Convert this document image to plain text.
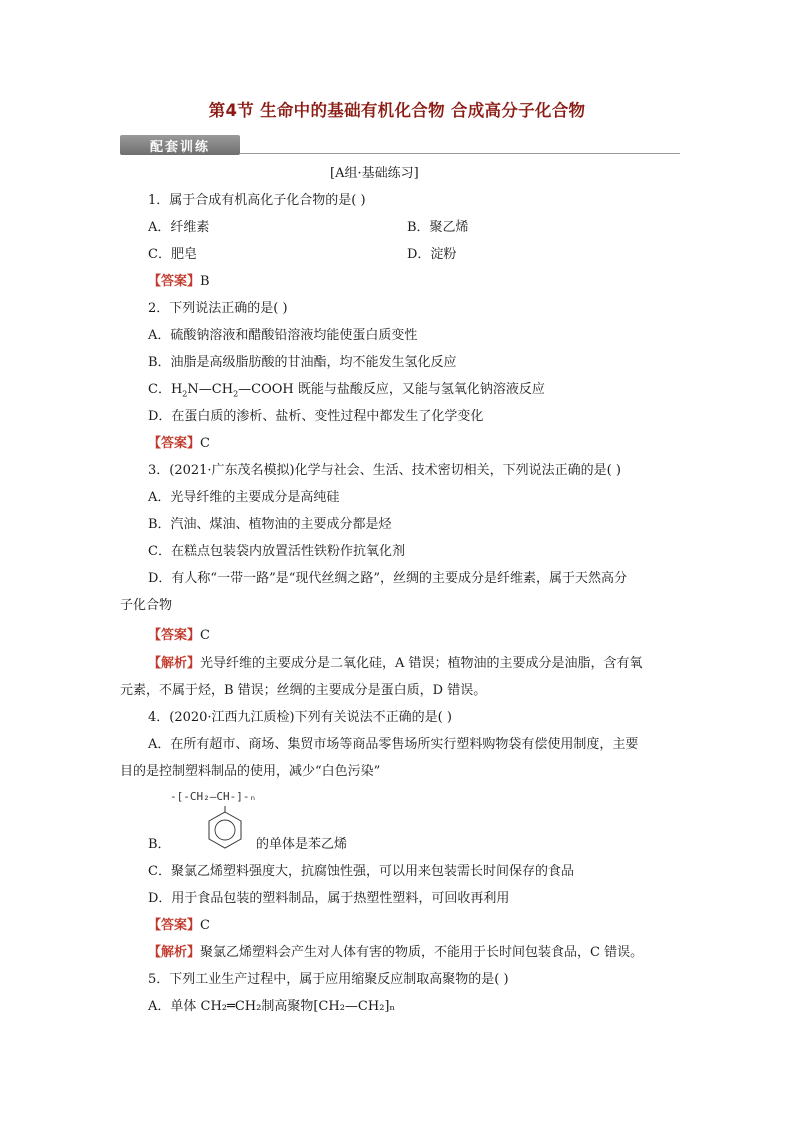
第4节 生命中的基础有机化合物 合成高分子化合物
配套训练
[A组·基础练习]
1．属于合成有机高化子化合物的是( )
A．纤维素	B．聚乙烯
C．肥皂	D．淀粉
【答案】B
2．下列说法正确的是( )
A．硫酸钠溶液和醋酸铅溶液均能使蛋白质变性
B．油脂是高级脂肪酸的甘油酯，均不能发生氢化反应
C．$H_2N—CH_2—COOH$ 既能与盐酸反应，又能与氢氧化钠溶液反应
D．在蛋白质的渗析、盐析、变性过程中都发生了化学变化
【答案】C
3．(2021·广东茂名模拟)化学与社会、生活、技术密切相关，下列说法正确的是( )
A．光导纤维的主要成分是高纯硅
B．汽油、煤油、植物油的主要成分都是烃
C．在糕点包装袋内放置活性铁粉作抗氧化剂
D．有人称“一带一路”是“现代丝绸之路”，丝绸的主要成分是纤维素，属于天然高分
子化合物
【答案】C
【解析】光导纤维的主要成分是二氧化硅，A 错误；植物油的主要成分是油脂，含有氧
元素，不属于烃，B 错误；丝绸的主要成分是蛋白质，D 错误。
4．(2020·江西九江质检)下列有关说法不正确的是( )
A．在所有超市、商场、集贸市场等商品零售场所实行塑料购物袋有偿使用制度，主要
目的是控制塑料制品的使用，减少“白色污染”
-[-CH₂—CH-]-ₙ
B．	的单体是苯乙烯
C．聚氯乙烯塑料强度大，抗腐蚀性强，可以用来包装需长时间保存的食品
D．用于食品包装的塑料制品，属于热塑性塑料，可回收再利用
【答案】C
【解析】聚氯乙烯塑料会产生对人体有害的物质，不能用于长时间包装食品，C 错误。
5．下列工业生产过程中，属于应用缩聚反应制取高聚物的是( )
A．单体 CH₂═CH₂制高聚物[CH₂—CH₂]ₙ
